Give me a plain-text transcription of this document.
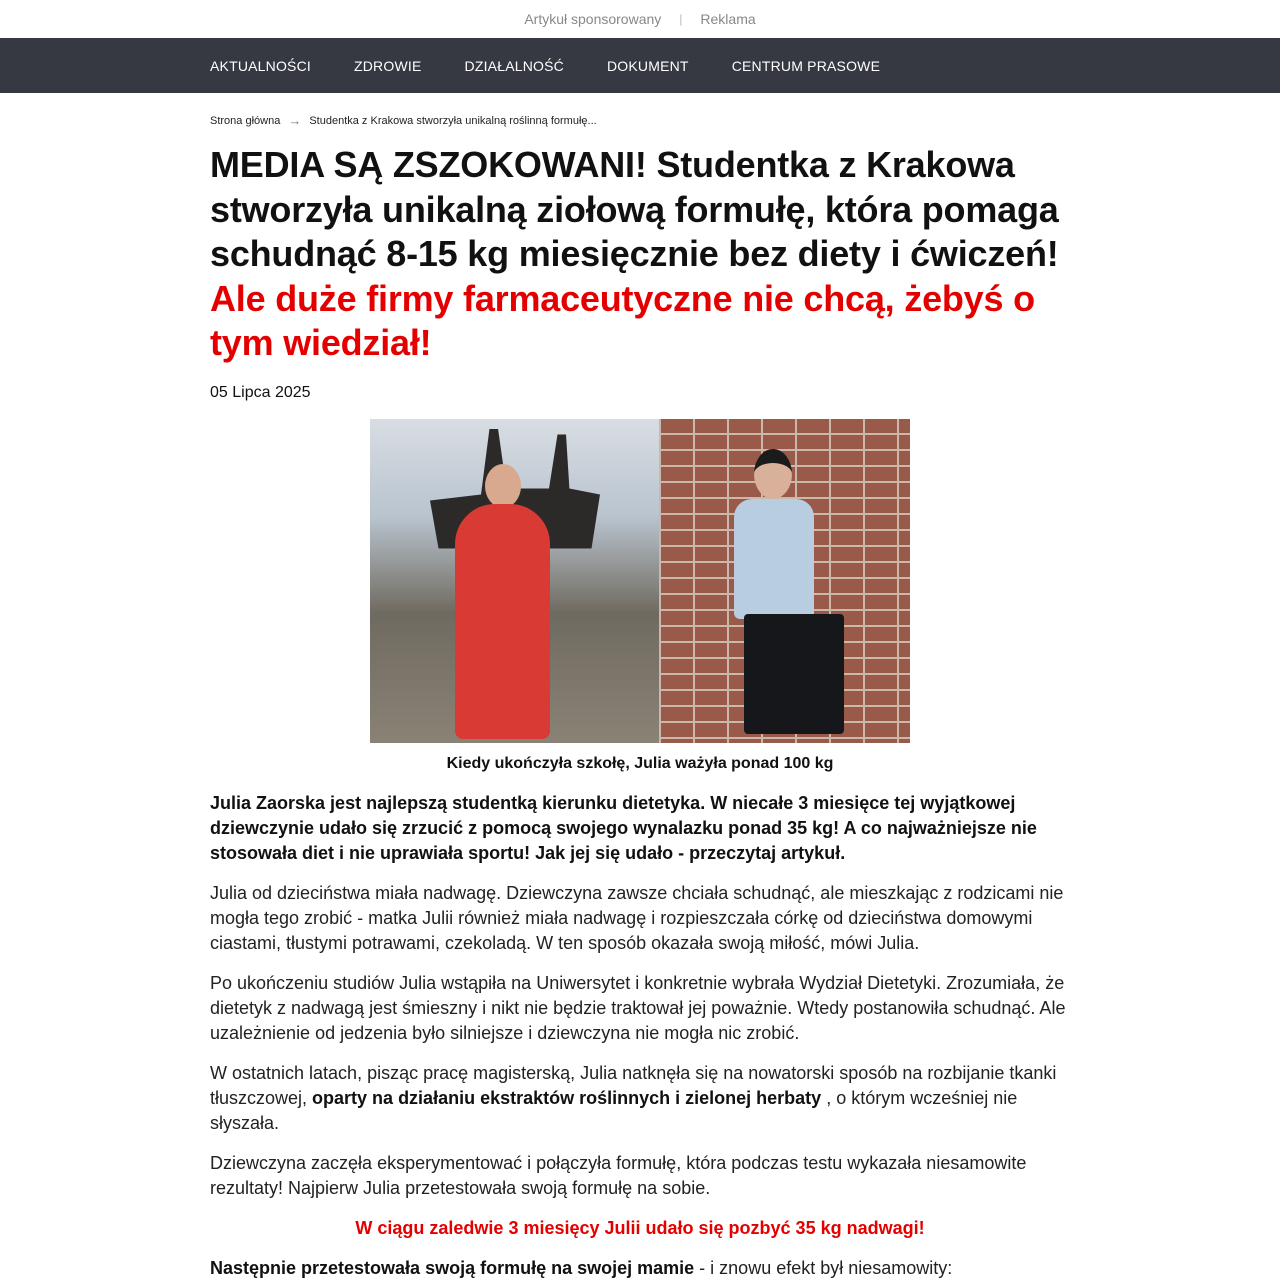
Artykuł sponsorowany | Reklama
AKTUALNOŚCI	ZDROWIE	DZIAŁALNOŚĆ	DOKUMENT	CENTRUM PRASOWE
Strona główna → Studentka z Krakowa stworzyła unikalną roślinną formułę...
MEDIA SĄ ZSZOKOWANI! Studentka z Krakowa stworzyła unikalną ziołową formułę, która pomaga schudnąć 8-15 kg miesięcznie bez diety i ćwiczeń! Ale duże firmy farmaceutyczne nie chcą, żebyś o tym wiedział!
05 Lipca 2025
Kiedy ukończyła szkołę, Julia ważyła ponad 100 kg

Julia Zaorska jest najlepszą studentką kierunku dietetyka. W niecałe 3 miesięce tej wyjątkowej dziewczynie udało się zrzucić z pomocą swojego wynalazku ponad 35 kg! A co najważniejsze nie stosowała diet i nie uprawiała sportu! Jak jej się udało - przeczytaj artykuł.

Julia od dzieciństwa miała nadwagę. Dziewczyna zawsze chciała schudnąć, ale mieszkając z rodzicami nie mogła tego zrobić - matka Julii również miała nadwagę i rozpieszczała córkę od dzieciństwa domowymi ciastami, tłustymi potrawami, czekoladą. W ten sposób okazała swoją miłość, mówi Julia.

Po ukończeniu studiów Julia wstąpiła na Uniwersytet i konkretnie wybrała Wydział Dietetyki. Zrozumiała, że dietetyk z nadwagą jest śmieszny i nikt nie będzie traktował jej poważnie. Wtedy postanowiła schudnąć. Ale uzależnienie od jedzenia było silniejsze i dziewczyna nie mogła nic zrobić.

W ostatnich latach, pisząc pracę magisterską, Julia natknęła się na nowatorski sposób na rozbijanie tkanki tłuszczowej, oparty na działaniu ekstraktów roślinnych i zielonej herbaty , o którym wcześniej nie słyszała.

Dziewczyna zaczęła eksperymentować i połączyła formułę, która podczas testu wykazała niesamowite rezultaty! Najpierw Julia przetestowała swoją formułę na sobie.

W ciągu zaledwie 3 miesięcy Julii udało się pozbyć 35 kg nadwagi!

Następnie przetestowała swoją formułę na swojej mamie - i znowu efekt był niesamowity:
